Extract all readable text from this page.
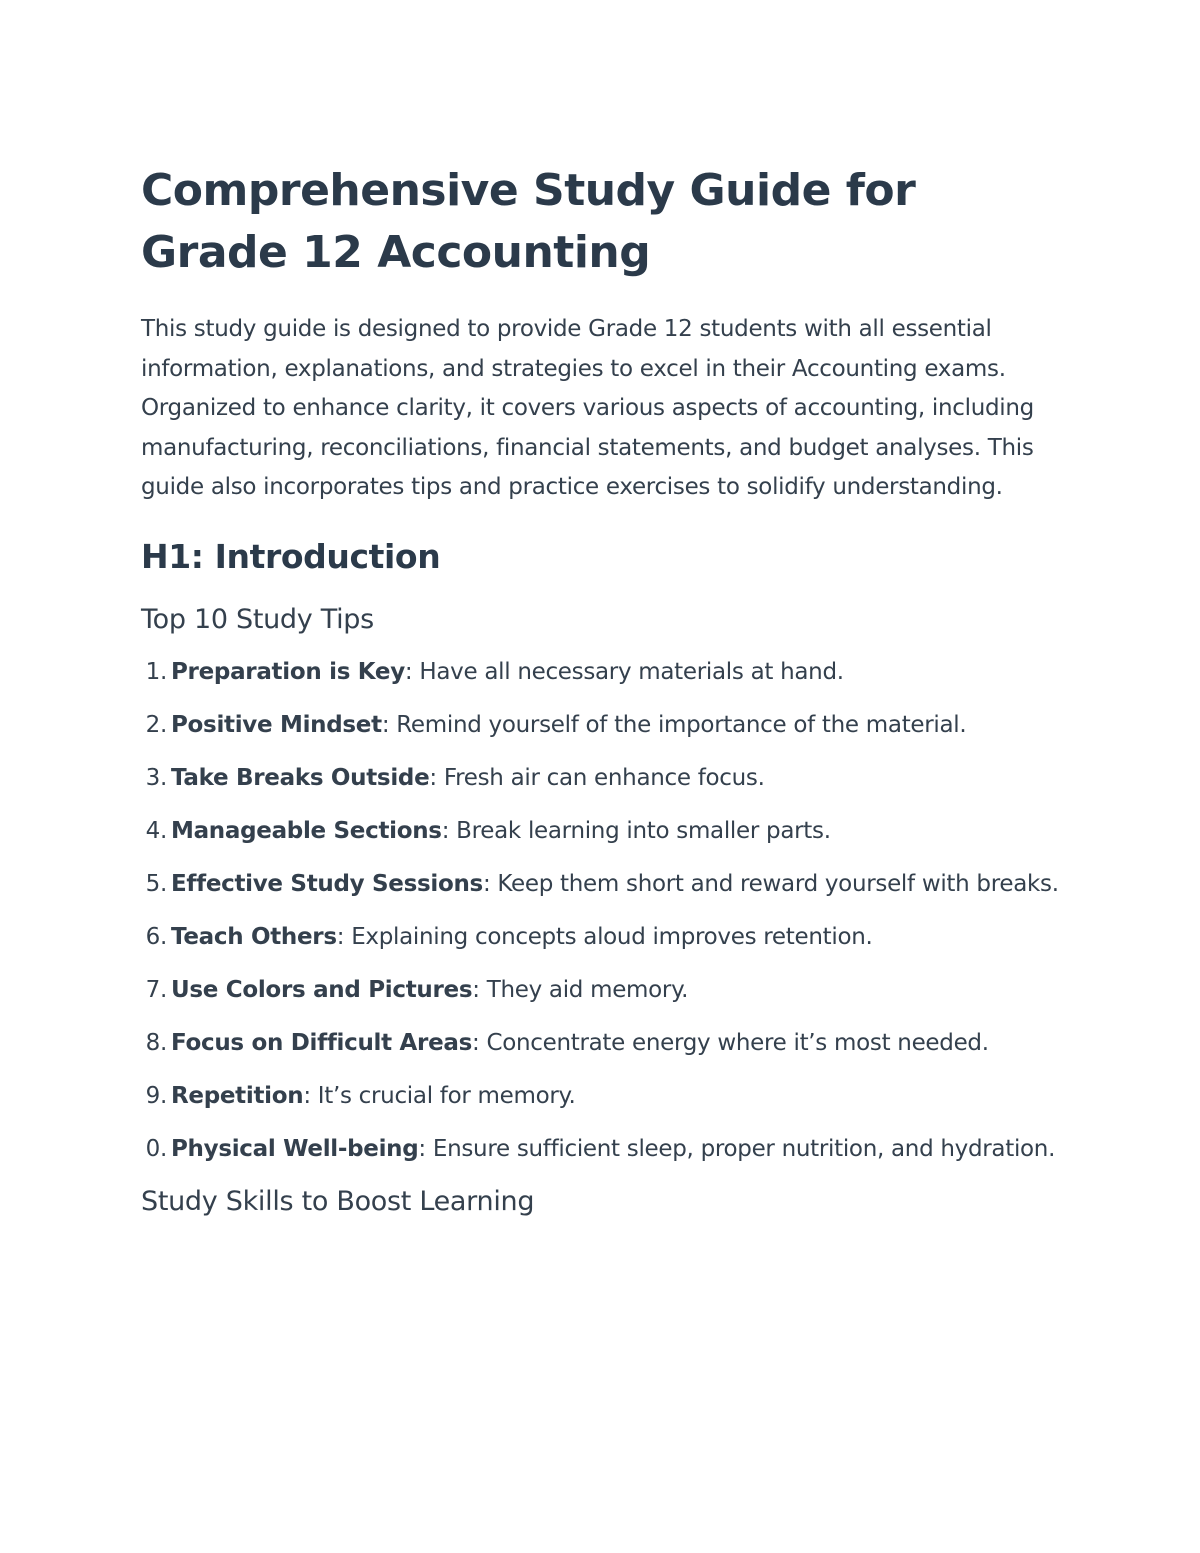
Comprehensive Study Guide for Grade 12 Accounting

This study guide is designed to provide Grade 12 students with all essential information, explanations, and strategies to excel in their Accounting exams. Organized to enhance clarity, it covers various aspects of accounting, including manufacturing, reconciliations, financial statements, and budget analyses. This guide also incorporates tips and practice exercises to solidify understanding.

H1: Introduction
Top 10 Study Tips
1. Preparation is Key: Have all necessary materials at hand.
2. Positive Mindset: Remind yourself of the importance of the material.
3. Take Breaks Outside: Fresh air can enhance focus.
4. Manageable Sections: Break learning into smaller parts.
5. Effective Study Sessions: Keep them short and reward yourself with breaks.
6. Teach Others: Explaining concepts aloud improves retention.
7. Use Colors and Pictures: They aid memory.
8. Focus on Difficult Areas: Concentrate energy where it’s most needed.
9. Repetition: It’s crucial for memory.
0. Physical Well-being: Ensure sufficient sleep, proper nutrition, and hydration.
Study Skills to Boost Learning
